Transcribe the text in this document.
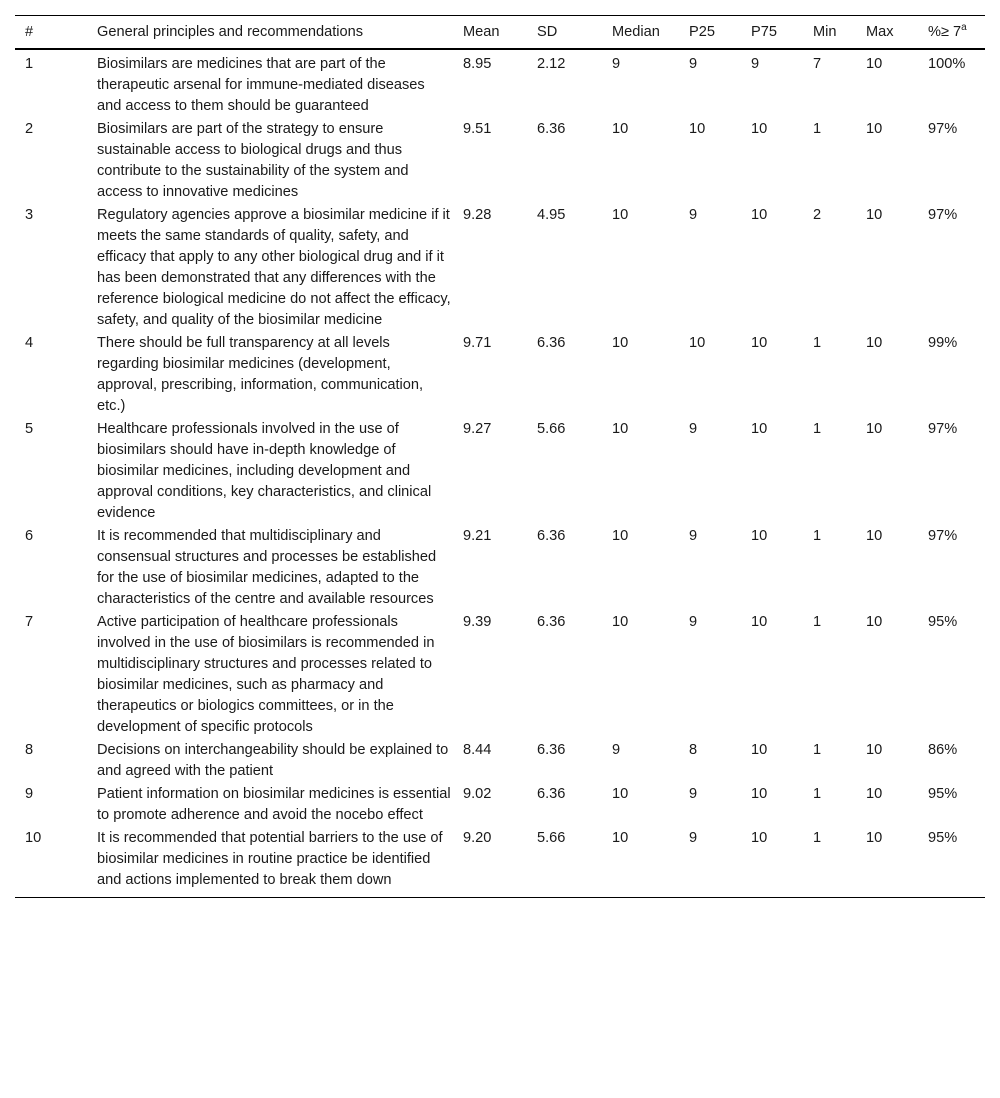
#	General principles and recommendations	Mean	SD	Median	P25	P75	Min	Max	%≥ $7^a$
1	Biosimilars are medicines that are part of the therapeutic arsenal for immune-mediated diseases and access to them should be guaranteed	8.95	2.12	9	9	9	7	10	100%
2	Biosimilars are part of the strategy to ensure sustainable access to biological drugs and thus contribute to the sustainability of the system and access to innovative medicines	9.51	6.36	10	10	10	1	10	97%
3	Regulatory agencies approve a biosimilar medicine if it meets the same standards of quality, safety, and efficacy that apply to any other biological drug and if it has been demonstrated that any differences with the reference biological medicine do not affect the efficacy, safety, and quality of the biosimilar medicine	9.28	4.95	10	9	10	2	10	97%
4	There should be full transparency at all levels regarding biosimilar medicines (development, approval, prescribing, information, communication, etc.)	9.71	6.36	10	10	10	1	10	99%
5	Healthcare professionals involved in the use of biosimilars should have in-depth knowledge of biosimilar medicines, including development and approval conditions, key characteristics, and clinical evidence	9.27	5.66	10	9	10	1	10	97%
6	It is recommended that multidisciplinary and consensual structures and processes be established for the use of biosimilar medicines, adapted to the characteristics of the centre and available resources	9.21	6.36	10	9	10	1	10	97%
7	Active participation of healthcare professionals involved in the use of biosimilars is recommended in multidisciplinary structures and processes related to biosimilar medicines, such as pharmacy and therapeutics or biologics committees, or in the development of specific protocols	9.39	6.36	10	9	10	1	10	95%
8	Decisions on interchangeability should be explained to and agreed with the patient	8.44	6.36	9	8	10	1	10	86%
9	Patient information on biosimilar medicines is essential to promote adherence and avoid the nocebo effect	9.02	6.36	10	9	10	1	10	95%
10	It is recommended that potential barriers to the use of biosimilar medicines in routine practice be identified and actions implemented to break them down	9.20	5.66	10	9	10	1	10	95%
